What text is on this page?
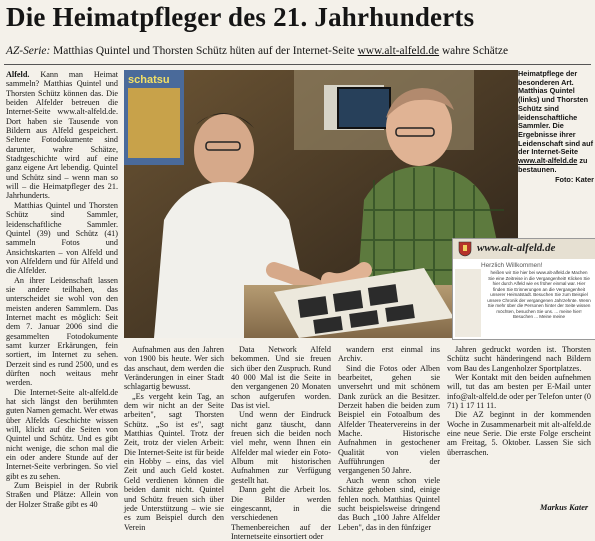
Die Heimatpfleger des 21. Jahrhunderts
AZ-Serie: Matthias Quintel und Thorsten Schütz hüten auf der Internet-Seite www.alt-alfeld.de wahre Schätze

Alfeld. Kann man Heimat sammeln? Matthias Quintel und Thorsten Schütz können das. Die beiden Alfelder betreuen die Internet-Seite www.alt-alfeld.de. Dort haben sie Tausende von Bildern aus Alfeld gespeichert. Seltene Fotodokumente sind darunter, wahre Schätze, Stadtgeschichte wird auf eine ganz eigene Art lebendig. Quintel und Schütz sind – wenn man so will – die Heimatpfleger des 21. Jahrhunderts.

Matthias Quintel und Thorsten Schütz sind Sammler, leidenschaftliche Sammler. Quintel (39) und Schütz (41) sammeln Fotos und Ansichtskarten – von Alfeld und von Alfeldern und für Alfeld und die Alfelder.

An ihrer Leidenschaft lassen sie andere teilhaben, das unterscheidet sie wohl von den meisten anderen Sammlern. Das Internet macht es möglich: Seit dem 7. Januar 2006 sind die gesammelten Fotodokumente samt kurzer Erkärungen, fein sortiert, im Internet zu sehen. Derzeit sind es rund 2500, und es dürften noch weitaus mehr werden.

Die Internet-Seite alt-alfeld.de hat sich längst den berühmten guten Namen gemacht. Wer etwas über Alfelds Geschichte wissen will, klickt auf die Seiten von Quintel und Schütz. Und es gibt nicht wenige, die schon mal die ein oder andere Stunde auf der Internet-Seite verbringen. So viel gibt es zu sehen.

Zum Beispiel in der Rubrik Straßen und Plätze: Allein von der Holzer Straße gibt es 40

schatsu
Heimatpflege der besonderen Art. Matthias Quintel (links) und Thorsten Schütz sind leidenschaftliche Sammler. Die Ergebnisse ihrer Leidenschaft sind auf der Internet-Seite www.alt-alfeld.de zu bestaunen.
Foto: Kater
www.alt-alfeld.de
Herzlich Willkommen!
heißen wir Sie hier bei www.alt-alfeld.de Machen Sie eine Zeitreise in die Vergangenheit! Klicken Sie hier durch Alfeld wie es früher einmal war. Hier finden Sie Erinnerungen an die Vergangenheit unserer Heimatstadt. Besuchen Sie zum Beispiel unsere Chronik der vergangenen Jahrzehnte. Wenn Sie mehr über die Personen hinter der Seite wissen möchten, besuchen Sie uns. ... meine hier! Besuchen ... Meine meine

Aufnahmen aus den Jahren von 1900 bis heute. Wer sich das anschaut, dem werden die Veränderungen in einer Stadt schlagartig bewusst.

„Es vergeht kein Tag, an dem wir nicht an der Seite arbeiten", sagt Thorsten Schütz. „So ist es", sagt Matthias Quintel. Trotz der Zeit, trotz der vielen Arbeit: Die Internet-Seite ist für beide ein Hobby – eins, das viel Zeit und auch Geld kostet. Geld verdienen können die beiden damit nicht. Quintel und Schütz freuen sich über jede Unterstützung – wie sie es zum Beispiel durch den Verein

Data Network Alfeld bekommen. Und sie freuen sich über den Zuspruch. Rund 40 000 Mal ist die Seite in den vergangenen 20 Monaten schon aufgerufen worden. Das ist viel.

Und wenn der Eindruck nicht ganz täuscht, dann freuen sich die beiden noch viel mehr, wenn Ihnen ein Alfelder mal wieder ein Foto-Album mit historischen Aufnahmen zur Verfügung gestellt hat.

Dann geht die Arbeit los. Die Bilder werden eingescannt, in die verschiedenen Themenbereichen auf der Internetseite einsortiert oder

wandern erst einmal ins Archiv.

Sind die Fotos oder Alben bearbeitet, gehen sie unversehrt und mit schönem Dank zurück an die Besitzer. Derzeit haben die beiden zum Beispiel ein Fotoalbum des Alfelder Theatervereins in der Mache. Historische Aufnahmen in gestochener Qualität von vielen Aufführungen der vergangenen 50 Jahre.

Auch wenn schon viele Schätze gehoben sind, einige fehlen noch. Matthias Quintel sucht beispielsweise dringend das Buch „100 Jahre Alfelder Leben", das in den fünfziger

Jahren gedruckt worden ist. Thorsten Schütz sucht händeringend nach Bildern vom Bau des Langenholzer Sportplatzes.

Wer Kontakt mit den beiden aufnehmen will, tut das am besten per E-Mail unter info@alt-alfeld.de oder per Telefon unter (0 71) 1 17 11 11.

Die AZ beginnt in der kommenden Woche in Zusammenarbeit mit alt-alfeld.de eine neue Serie. Die erste Folge erscheint am Freitag, 5. Oktober. Lassen Sie sich überraschen.

Markus Kater
